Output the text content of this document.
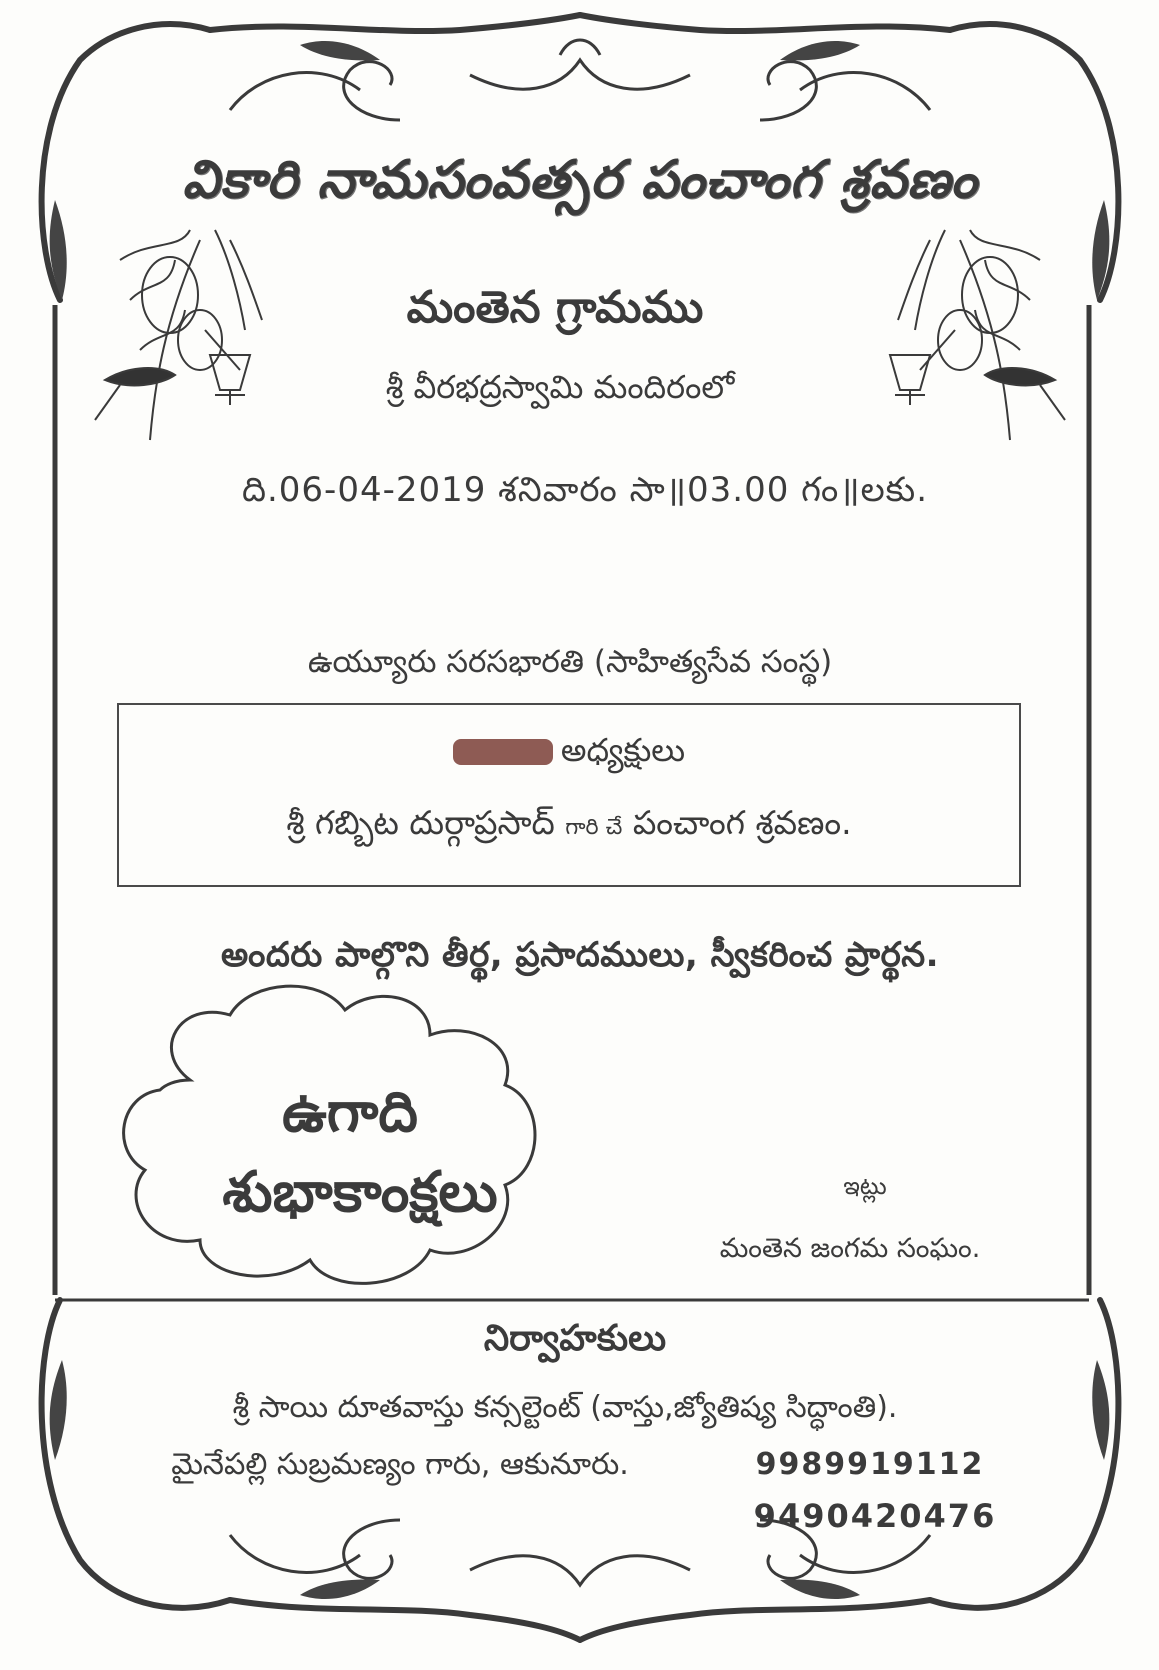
వికారి నామసంవత్సర పంచాంగ శ్రవణం
మంతెన గ్రామము
శ్రీ వీరభద్రస్వామి మందిరంలో
ది.06-04-2019 శనివారం సా॥03.00 గం॥లకు.
ఉయ్యూరు సరసభారతి (సాహిత్యసేవ సంస్థ)
అధ్యక్షులు
శ్రీ గబ్బిట దుర్గాప్రసాద్ గారి చే పంచాంగ శ్రవణం.
అందరు పాల్గొని తీర్థ, ప్రసాదములు, స్వీకరించ ప్రార్థన.
ఉగాది
శుభాకాంక్షలు	ఇట్లు
మంతెన జంగమ సంఘం.
నిర్వాహకులు
శ్రీ సాయి దూతవాస్తు కన్సల్టెంట్ (వాస్తు,జ్యోతిష్య సిద్ధాంతి).
మైనేపల్లి సుబ్రమణ్యం గారు, ఆకునూరు.	9989919112
9490420476
